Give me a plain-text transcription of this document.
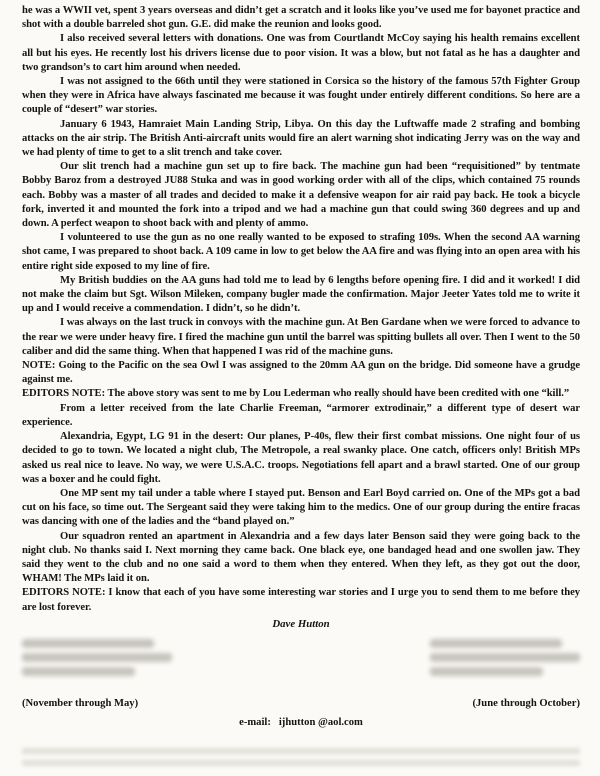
he was a WWII vet, spent 3 years overseas and didn’t get a scratch and it looks like you’ve used me for bayonet practice and shot with a double barreled shot gun. G.E. did make the reunion and looks good.

I also received several letters with donations. One was from Courtlandt McCoy saying his health remains excellent all but his eyes. He recently lost his drivers license due to poor vision. It was a blow, but not fatal as he has a daughter and two grandson’s to cart him around when needed.

I was not assigned to the 66th until they were stationed in Corsica so the history of the famous 57th Fighter Group when they were in Africa have always fascinated me because it was fought under entirely different conditions. So here are a couple of “desert” war stories.

January 6 1943, Hamraiet Main Landing Strip, Libya. On this day the Luftwaffe made 2 strafing and bombing attacks on the air strip. The British Anti-aircraft units would fire an alert warning shot indicating Jerry was on the way and we had plenty of time to get to a slit trench and take cover.

Our slit trench had a machine gun set up to fire back. The machine gun had been “requisitioned” by tentmate Bobby Baroz from a destroyed JU88 Stuka and was in good working order with all of the clips, which contained 75 rounds each. Bobby was a master of all trades and decided to make it a defensive weapon for air raid pay back. He took a bicycle fork, inverted it and mounted the fork into a tripod and we had a machine gun that could swing 360 degrees and up and down. A perfect weapon to shoot back with and plenty of ammo.

I volunteered to use the gun as no one really wanted to be exposed to strafing 109s. When the second AA warning shot came, I was prepared to shoot back. A 109 came in low to get below the AA fire and was flying into an open area with his entire right side exposed to my line of fire.

My British buddies on the AA guns had told me to lead by 6 lengths before opening fire. I did and it worked! I did not make the claim but Sgt. Wilson Mileken, company bugler made the confirmation. Major Jeeter Yates told me to write it up and I would receive a commendation. I didn’t, so he didn’t.

I was always on the last truck in convoys with the machine gun. At Ben Gardane when we were forced to advance to the rear we were under heavy fire. I fired the machine gun until the barrel was spitting bullets all over. Then I went to the 50 caliber and did the same thing. When that happened I was rid of the machine guns.

NOTE: Going to the Pacific on the sea Owl I was assigned to the 20mm AA gun on the bridge. Did someone have a grudge against me.

EDITORS NOTE: The above story was sent to me by Lou Lederman who really should have been credited with one “kill.”

From a letter received from the late Charlie Freeman, “armorer extrodinair,” a different type of desert war experience.

Alexandria, Egypt, LG 91 in the desert: Our planes, P-40s, flew their first combat missions. One night four of us decided to go to town. We located a night club, The Metropole, a real swanky place. One catch, officers only! British MPs asked us real nice to leave. No way, we were U.S.A.C. troops. Negotiations fell apart and a brawl started. One of our group was a boxer and he could fight.

One MP sent my tail under a table where I stayed put. Benson and Earl Boyd carried on. One of the MPs got a bad cut on his face, so time out. The Sergeant said they were taking him to the medics. One of our group during the entire fracas was dancing with one of the ladies and the “band played on.”

Our squadron rented an apartment in Alexandria and a few days later Benson said they were going back to the night club. No thanks said I. Next morning they came back. One black eye, one bandaged head and one swollen jaw. They said they went to the club and no one said a word to them when they entered. When they left, as they got out the door, WHAM! The MPs laid it on.

EDITORS NOTE: I know that each of you have some interesting war stories and I urge you to send them to me before they are lost forever.

Dave Hutton

(November through May)	(June through October)
e-mail: ijhutton @aol.com
